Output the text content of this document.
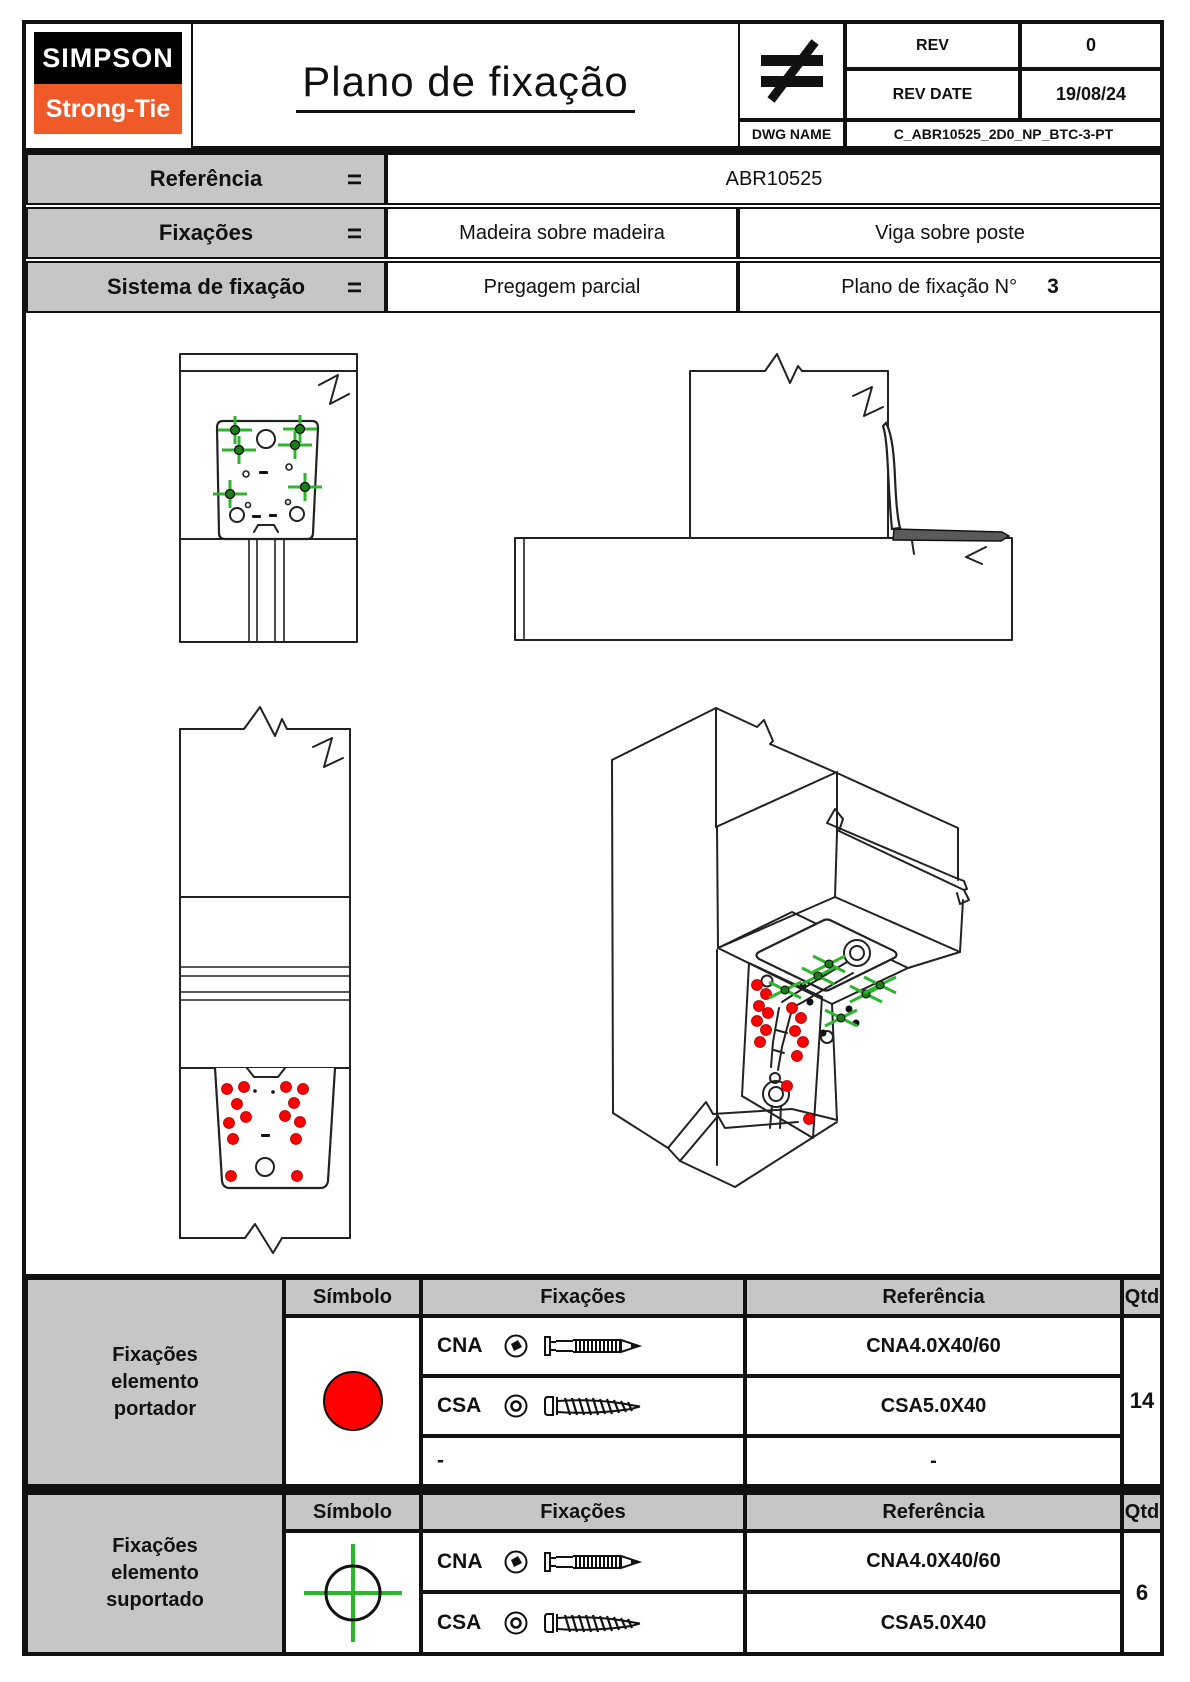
SIMPSON
Strong-Tie
Plano de fixação
REV	0
REV DATE	19/08/24
DWG NAME	C_ABR10525_2D0_NP_BTC-3-PT
Referência	=	ABR10525
Fixações	=	Madeira sobre madeira	Viga sobre poste
Sistema de fixação =	Pregagem parcial	Plano de fixação N° 3
Fixações elemento portador
Símbolo	Fixações	Referência	Qtd
CNA	CNA4.0X40/60
CSA	CSA5.0X40
-	-
14
Fixações elemento suportado
Símbolo	Fixações	Referência	Qtd
CNA	CNA4.0X40/60
CSA	CSA5.0X40
6
